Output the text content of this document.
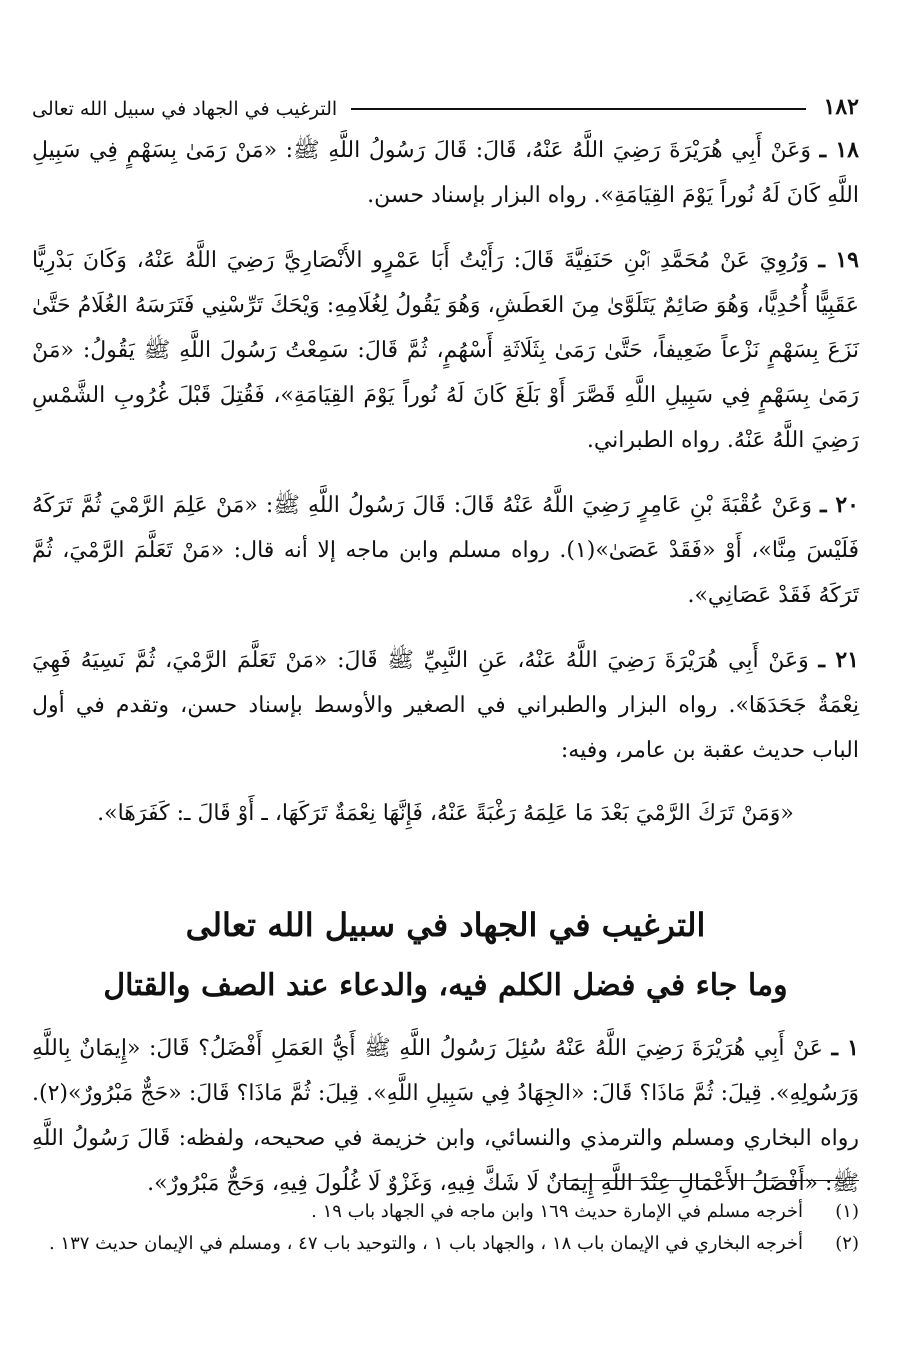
١٨٢
الترغيب في الجهاد في سبيل الله تعالى

١٨ ـ وَعَنْ أَبِي هُرَيْرَةَ رَضِيَ اللَّهُ عَنْهُ، قَالَ: قَالَ رَسُولُ اللَّهِ ﷺ: «مَنْ رَمَىٰ بِسَهْمٍ فِي سَبِيلِ اللَّهِ كَانَ لَهُ نُوراً يَوْمَ القِيَامَةِ». رواه البزار بإسناد حسن.

١٩ ـ وَرُوِيَ عَنْ مُحَمَّدِ ٱبْنِ حَنَفِيَّةَ قَالَ: رَأَيْتُ أَبَا عَمْرٍو الأَنْصَارِيَّ رَضِيَ اللَّهُ عَنْهُ، وَكَانَ بَدْرِيًّا عَقَبِيًّا أُحُدِيًّا، وَهُوَ صَائِمٌ يَتَلَوَّىٰ مِنَ العَطَشِ، وَهُوَ يَقُولُ لِغُلَامِهِ: وَيْحَكَ تَرِّسْنِي فَتَرَسَهُ الغُلَامُ حَتَّىٰ نَزَعَ بِسَهْمٍ نَزْعاً ضَعِيفاً، حَتَّىٰ رَمَىٰ بِثَلَاثَةِ أَسْهُمٍ، ثُمَّ قَالَ: سَمِعْتُ رَسُولَ اللَّهِ ﷺ يَقُولُ: «مَنْ رَمَىٰ بِسَهْمٍ فِي سَبِيلِ اللَّهِ قَصَّرَ أَوْ بَلَغَ كَانَ لَهُ نُوراً يَوْمَ القِيَامَةِ»، فَقُتِلَ قَبْلَ غُرُوبِ الشَّمْسِ رَضِيَ اللَّهُ عَنْهُ. رواه الطبراني.

٢٠ ـ وَعَنْ عُقْبَةَ بْنِ عَامِرٍ رَضِيَ اللَّهُ عَنْهُ قَالَ: قَالَ رَسُولُ اللَّهِ ﷺ: «مَنْ عَلِمَ الرَّمْيَ ثُمَّ تَرَكَهُ فَلَيْسَ مِنَّا»، أَوْ «فَقَدْ عَصَىٰ»(١). رواه مسلم وابن ماجه إلا أنه قال: «مَنْ تَعَلَّمَ الرَّمْيَ، ثُمَّ تَرَكَهُ فَقَدْ عَصَانِي».

٢١ ـ وَعَنْ أَبِي هُرَيْرَةَ رَضِيَ اللَّهُ عَنْهُ، عَنِ النَّبِيِّ ﷺ قَالَ: «مَنْ تَعَلَّمَ الرَّمْيَ، ثُمَّ نَسِيَهُ فَهِيَ نِعْمَةٌ جَحَدَهَا». رواه البزار والطبراني في الصغير والأوسط بإسناد حسن، وتقدم في أول الباب حديث عقبة بن عامر، وفيه:

«وَمَنْ تَرَكَ الرَّمْيَ بَعْدَ مَا عَلِمَهُ رَغْبَةً عَنْهُ، فَإِنَّهَا نِعْمَةٌ تَرَكَهَا، ـ أَوْ قَالَ ـ: كَفَرَهَا».

الترغيب في الجهاد في سبيل الله تعالى
وما جاء في فضل الكلم فيه، والدعاء عند الصف والقتال

١ ـ عَنْ أَبِي هُرَيْرَةَ رَضِيَ اللَّهُ عَنْهُ سُئِلَ رَسُولُ اللَّهِ ﷺ أَيُّ العَمَلِ أَفْضَلُ؟ قَالَ: «إِيمَانٌ بِاللَّهِ وَرَسُولِهِ». قِيلَ: ثُمَّ مَاذَا؟ قَالَ: «الجِهَادُ فِي سَبِيلِ اللَّهِ». قِيلَ: ثُمَّ مَاذَا؟ قَالَ: «حَجٌّ مَبْرُورٌ»(٢). رواه البخاري ومسلم والترمذي والنسائي، وابن خزيمة في صحيحه، ولفظه: قَالَ رَسُولُ اللَّهِ ﷺ: «أَفْضَلُ الأَعْمَالِ عِنْدَ اللَّهِ إِيمَانٌ لَا شَكَّ فِيهِ، وَغَزْوٌ لَا غُلُولَ فِيهِ، وَحَجٌّ مَبْرُورٌ».

(١)
أخرجه مسلم في الإمارة حديث ١٦٩ وابن ماجه في الجهاد باب ١٩ .
(٢)
أخرجه البخاري في الإيمان باب ١٨ ، والجهاد باب ١ ، والتوحيد باب ٤٧ ، ومسلم في الإيمان حديث ١٣٧ .
